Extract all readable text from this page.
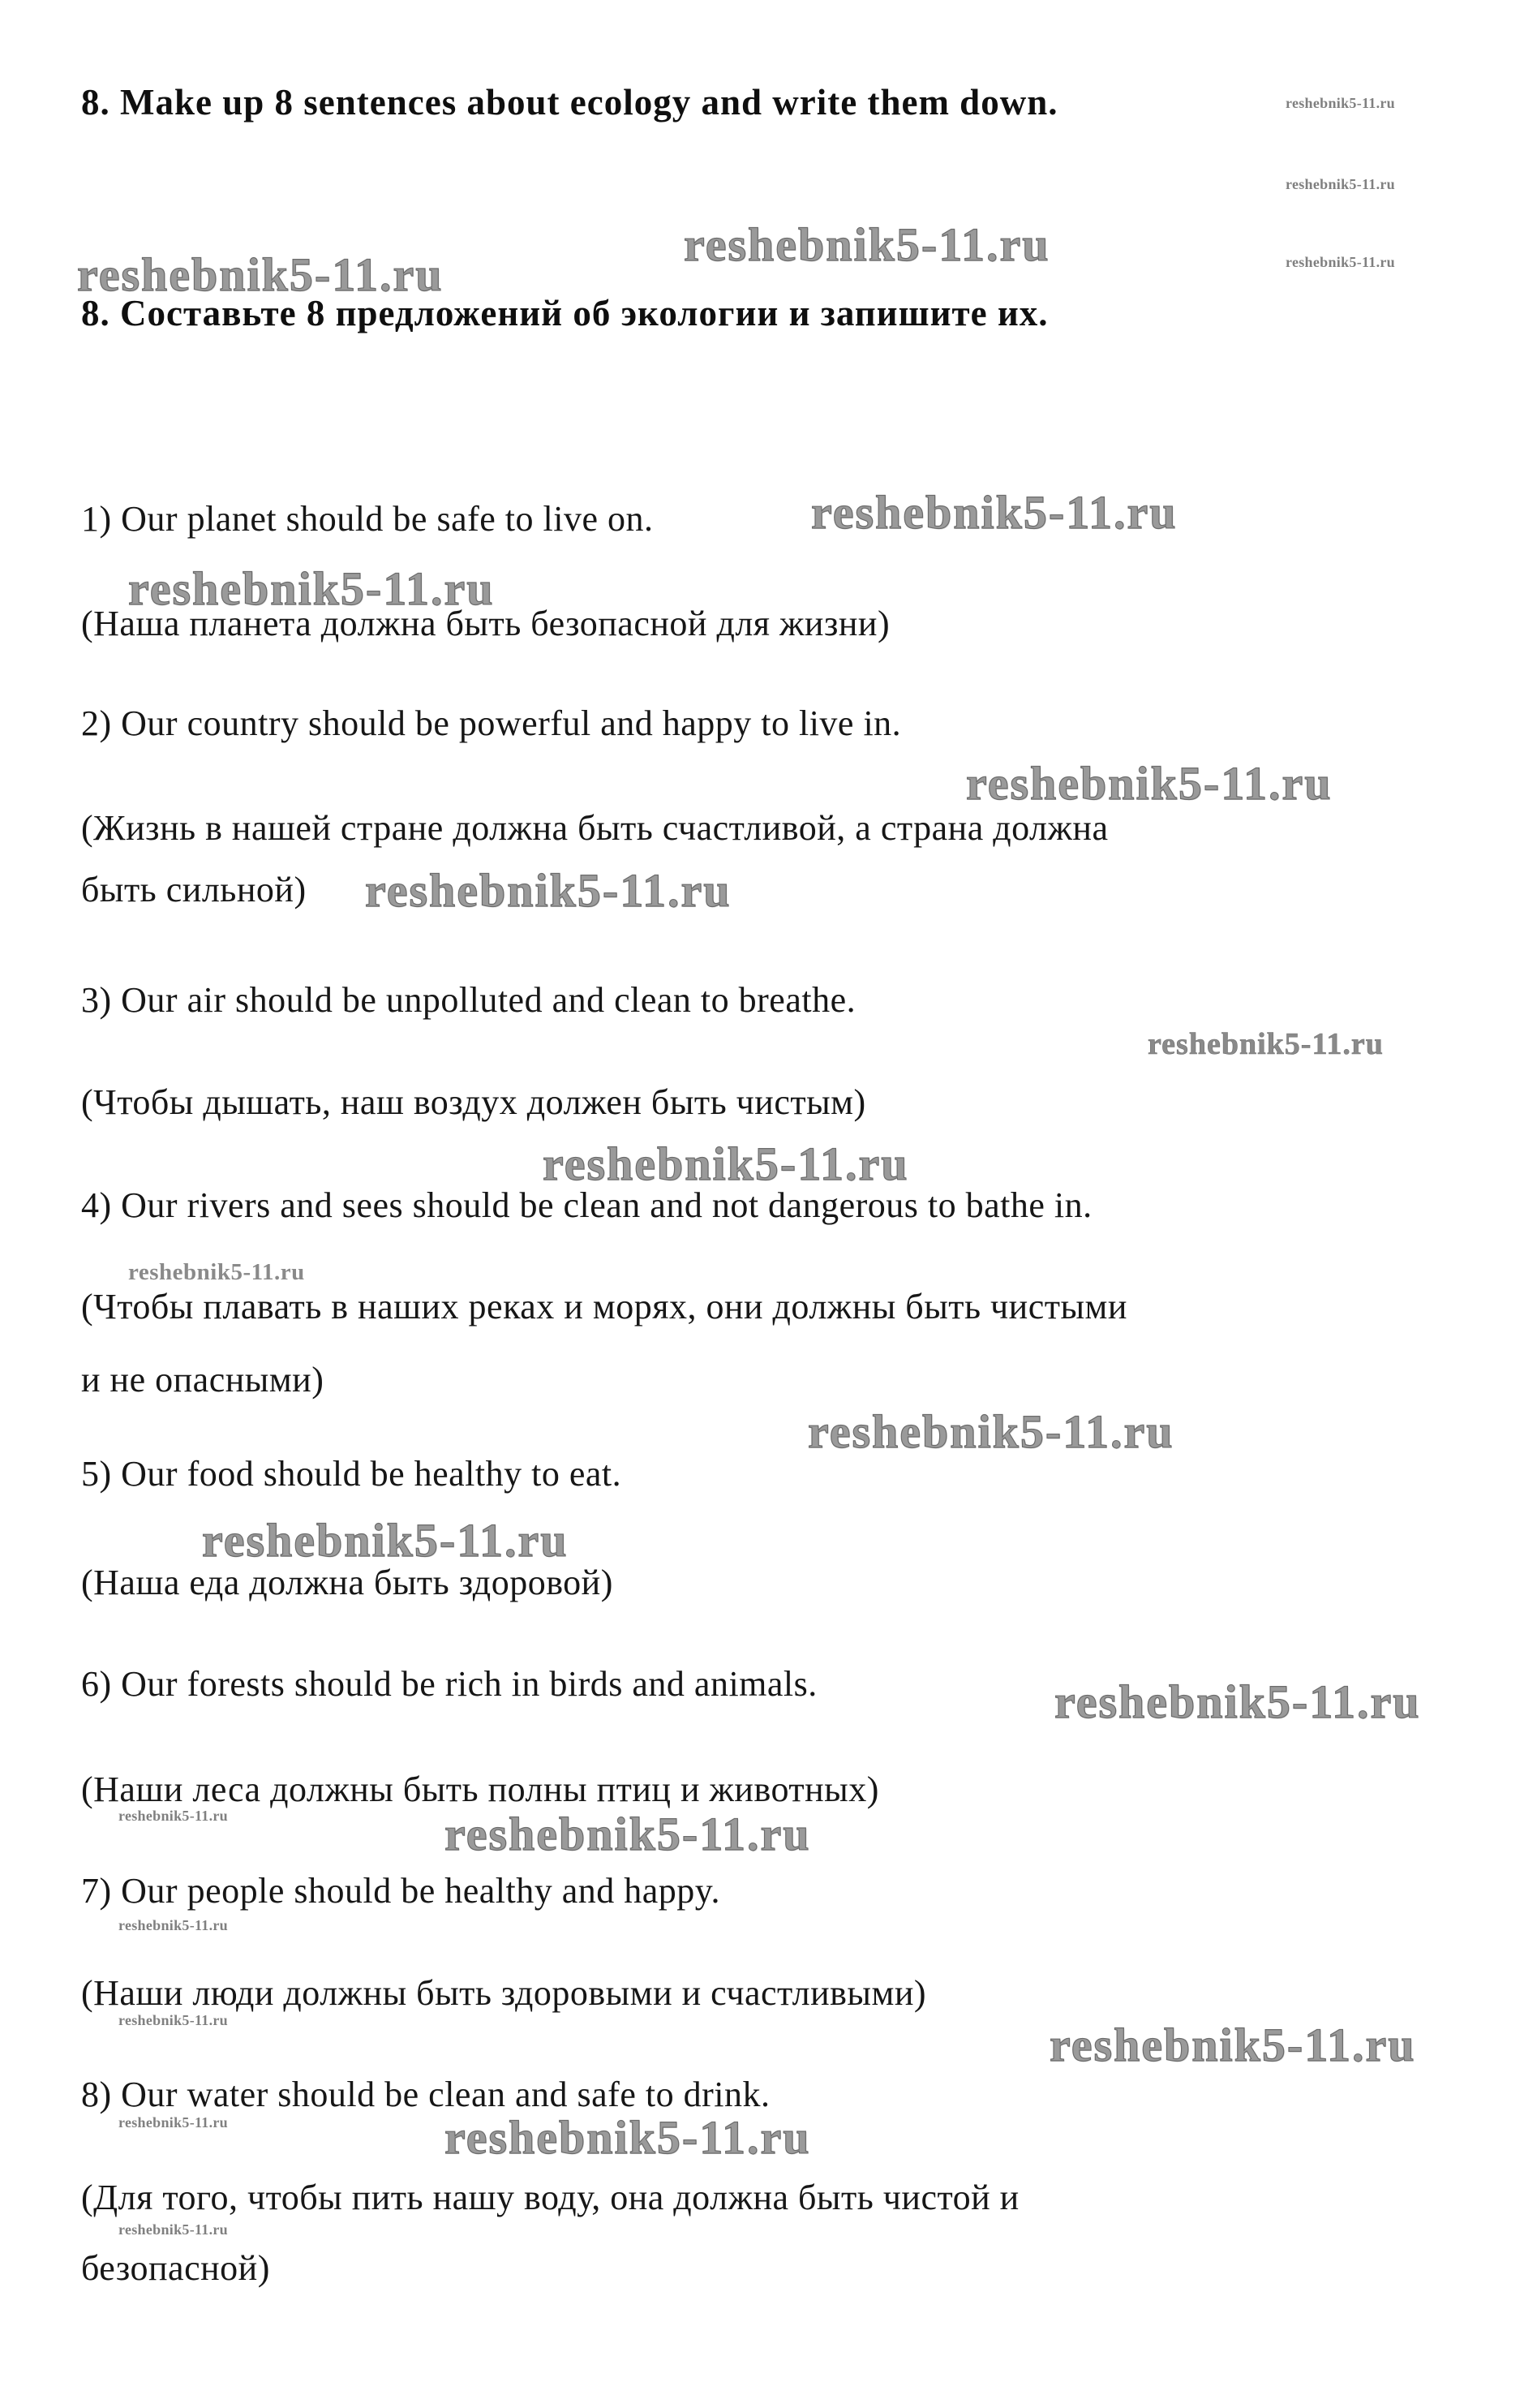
8. Make up 8 sentences about ecology and write them down.
8. Составьте 8 предложений об экологии и запишите их.
reshebnik5-11.ru
reshebnik5-11.ru
reshebnik5-11.ru
reshebnik5-11.ru	reshebnik5-11.ru
1) Our planet should be safe to live on.	reshebnik5-11.ru
reshebnik5-11.ru
(Наша планета должна быть безопасной для жизни)
2) Our country should be powerful and happy to live in.
reshebnik5-11.ru
(Жизнь в нашей стране должна быть счастливой, а страна должна
быть сильной) reshebnik5-11.ru
3) Our air should be unpolluted and clean to breathe.
reshebnik5-11.ru
(Чтобы дышать, наш воздух должен быть чистым)
reshebnik5-11.ru
4) Our rivers and sees should be clean and not dangerous to bathe in.
reshebnik5-11.ru
(Чтобы плавать в наших реках и морях, они должны быть чистыми
и не опасными)
reshebnik5-11.ru
5) Our food should be healthy to eat.
reshebnik5-11.ru
(Наша еда должна быть здоровой)
6) Our forests should be rich in birds and animals.	reshebnik5-11.ru
(Наши леса должны быть полны птиц и животных)
reshebnik5-11.ru	reshebnik5-11.ru
7) Our people should be healthy and happy.
reshebnik5-11.ru
(Наши люди должны быть здоровыми и счастливыми)
reshebnik5-11.ru	reshebnik5-11.ru
8) Our water should be clean and safe to drink.
reshebnik5-11.ru	reshebnik5-11.ru
(Для того, чтобы пить нашу воду, она должна быть чистой и
reshebnik5-11.ru
безопасной)
